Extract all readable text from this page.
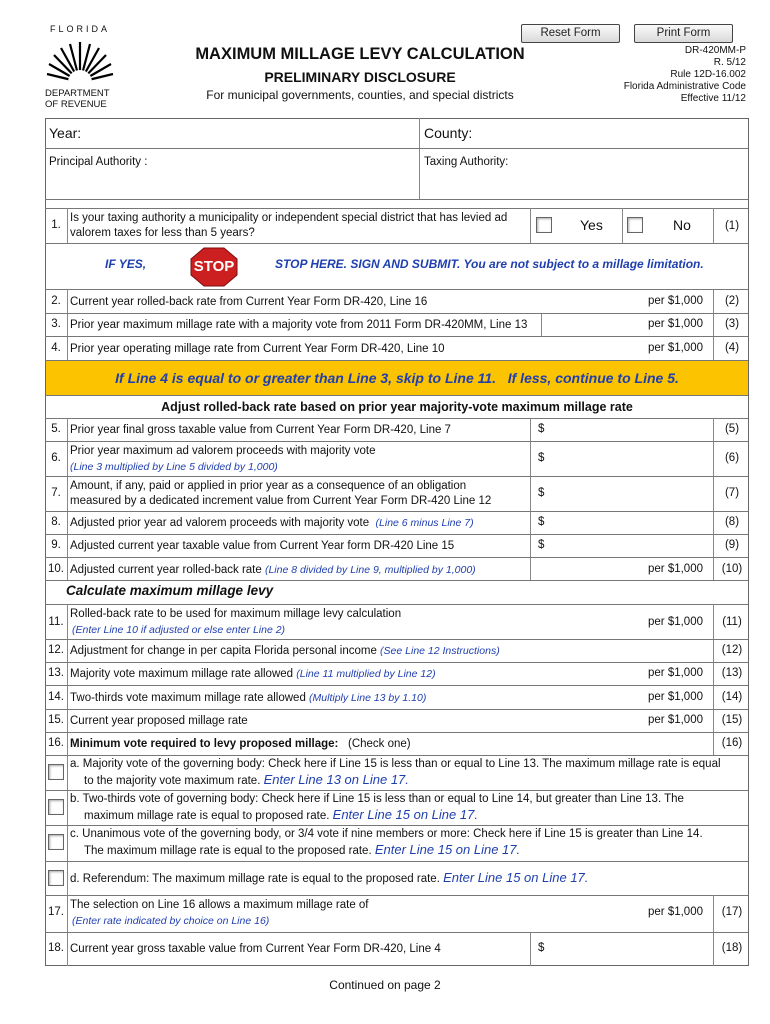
FLORIDA
DEPARTMENT
OF REVENUE
Reset Form	Print Form
MAXIMUM MILLAGE LEVY CALCULATION
PRELIMINARY DISCLOSURE
For municipal governments, counties, and special districts
DR-420MM-P
R. 5/12
Rule 12D-16.002
Florida Administrative Code
Effective 11/12
Year:	County:
Principal Authority :	Taxing Authority:
1.
Is your taxing authority a municipality or independent special district that has levied ad
valorem taxes for less than 5 years?	Yes	No	(1)
IF YES,	STOP	STOP HERE. SIGN AND SUBMIT. You are not subject to a millage limitation.
2. Current year rolled-back rate from Current Year Form DR-420, Line 16	per $1,000	(2)
3. Prior year maximum millage rate with a majority vote from 2011 Form DR-420MM, Line 13	per $1,000	(3)
4. Prior year operating millage rate from Current Year Form DR-420, Line 10	per $1,000	(4)
If Line 4 is equal to or greater than Line 3, skip to Line 11. If less, continue to Line 5.
Adjust rolled-back rate based on prior year majority-vote maximum millage rate
5. Prior year final gross taxable value from Current Year Form DR-420, Line 7	$	(5)
6.
Prior year maximum ad valorem proceeds with majority vote
(Line 3 multiplied by Line 5 divided by 1,000)
$	(6)
7.
Amount, if any, paid or applied in prior year as a consequence of an obligation
measured by a dedicated increment value from Current Year Form DR-420 Line 12
$	(7)
8. Adjusted prior year ad valorem proceeds with majority vote (Line 6 minus Line 7)	$	(8)
9. Adjusted current year taxable value from Current Year form DR-420 Line 15	$	(9)
10. Adjusted current year rolled-back rate (Line 8 divided by Line 9, multiplied by 1,000)	per $1,000	(10)
Calculate maximum millage levy
11.
Rolled-back rate to be used for maximum millage levy calculation
(Enter Line 10 if adjusted or else enter Line 2)
per $1,000	(11)
12. Adjustment for change in per capita Florida personal income (See Line 12 Instructions)	(12)
13. Majority vote maximum millage rate allowed (Line 11 multiplied by Line 12)	per $1,000	(13)
14. Two-thirds vote maximum millage rate allowed (Multiply Line 13 by 1.10)	per $1,000	(14)
15. Current year proposed millage rate	per $1,000	(15)
16. Minimum vote required to levy proposed millage: (Check one)	(16)
a. Majority vote of the governing body: Check here if Line 15 is less than or equal to Line 13. The maximum millage rate is equal
to the majority vote maximum rate. Enter Line 13 on Line 17.
b. Two-thirds vote of governing body: Check here if Line 15 is less than or equal to Line 14, but greater than Line 13. The
maximum millage rate is equal to proposed rate. Enter Line 15 on Line 17.
c. Unanimous vote of the governing body, or 3/4 vote if nine members or more: Check here if Line 15 is greater than Line 14.
The maximum millage rate is equal to the proposed rate. Enter Line 15 on Line 17.
d. Referendum: The maximum millage rate is equal to the proposed rate. Enter Line 15 on Line 17.
17.
The selection on Line 16 allows a maximum millage rate of
(Enter rate indicated by choice on Line 16)
per $1,000	(17)
18. Current year gross taxable value from Current Year Form DR-420, Line 4	$	(18)
Continued on page 2
